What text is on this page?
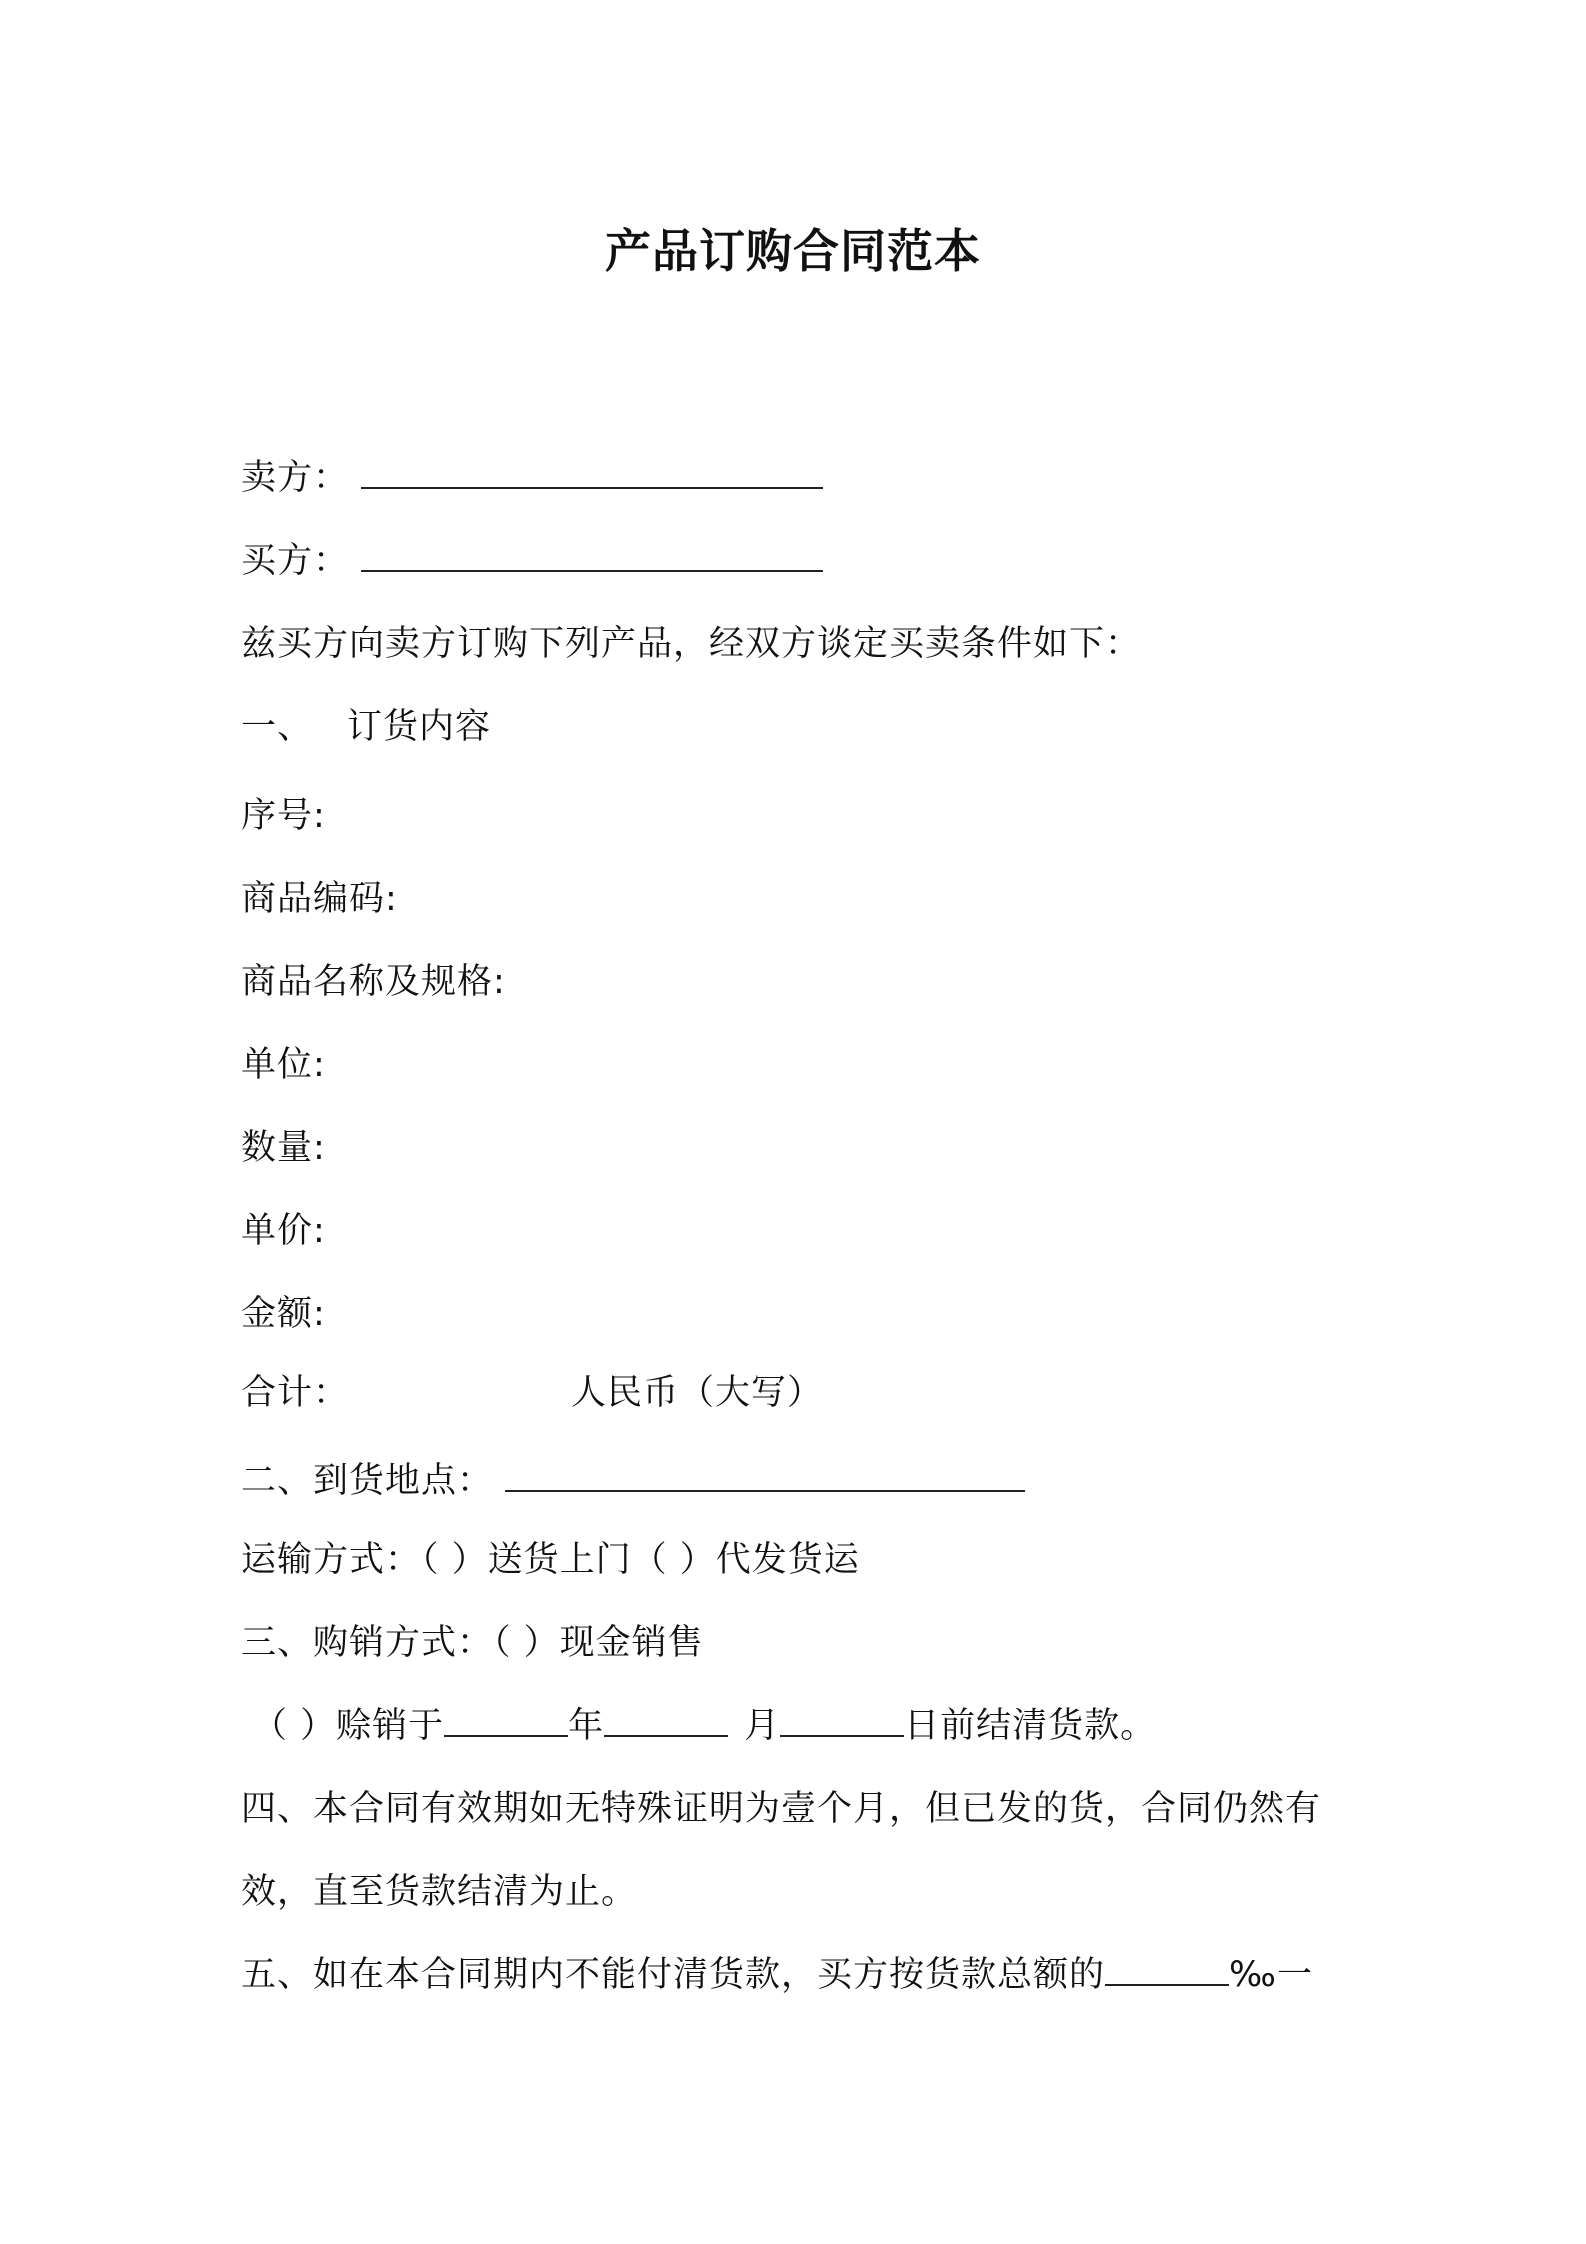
产品订购合同范本
卖方：
买方：
兹买方向卖方订购下列产品，经双方谈定买卖条件如下：
一、 订货内容
序号:
商品编码:
商品名称及规格:
单位:
数量:
单价:
金额:
合计：	人民币（大写）
二、到货地点：
运输方式：（ ）送货上门（ ）代发货运
三、购销方式：（ ）现金销售
（ ）赊销于	年	月	日前结清货款。
四、本合同有效期如无特殊证明为壹个月，但已发的货，合同仍然有
效，直至货款结清为止。
五、如在本合同期内不能付清货款，买方按货款总额的	‰一
